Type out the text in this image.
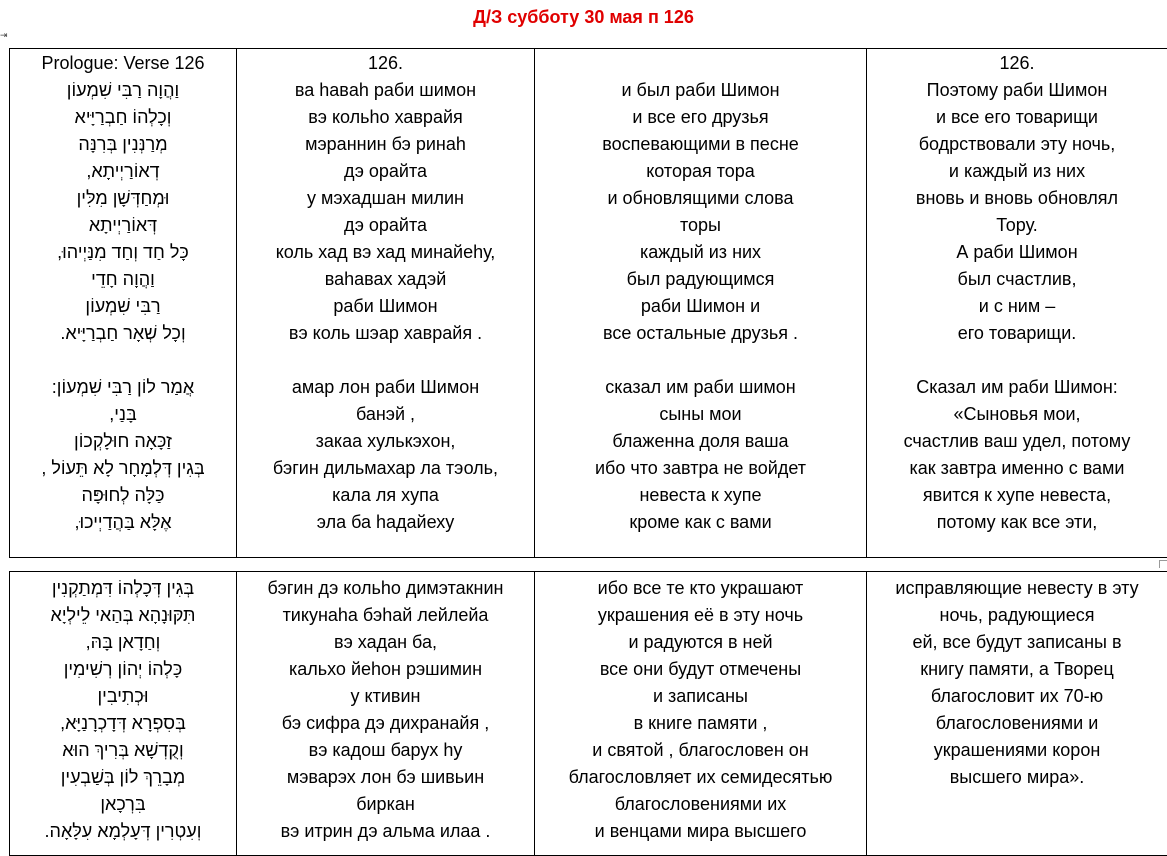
Д/З субботу 30 мая п 126
⇥
Prologue: Verse 126
וַהֲוָה רַבִּי שִׁמְעוֹן
וְכָלְהוֹ חַבְרַיָּיא
מְרַנְּנִין בְּרִנָּה
דְאוֹרַיְיתָא,
וּמְחַדְּשָׁן מִלִּין
דְּאוֹרַיְיתָא
כָּל חַד וְחַד מִנַּיְיהוּ,
וַהֲוָה חָדֵי
רַבִּי שִׁמְעוֹן
וְכָל שְׁאָר חַבְרַיָּיא.
אֲמַר לוֹן רַבִּי שִׁמְעוֹן:
בָּנַי,
זַכָּאָה חוּלָקְכוֹן
בְּגִין דְּלְמָחָר לָא תֵּעוֹל ,
כַּלָּה לְחוּפָּה
אֶלָּא בַּהֲדַיְיכוּ,

126.
ва hавah раби шимон
вэ кольhо хаврайя
мэраннин бэ ринаh
дэ орайта
у мэхадшан милин
дэ орайта
коль хад вэ хад минайеhу,
ваhавах хадэй
раби Шимон
вэ коль шэар хаврайя .
амар лон раби Шимон
банэй ,
закаа хулькэхон,
бэгин дильмахар ла тэоль,
кала ля хупа
эла ба hадайеху

и был раби Шимон
и все его друзья
воспевающими в песне
которая тора
и обновлящими слова
торы
каждый из них
был радующимся
раби Шимон и
все остальные друзья .
сказал им раби шимон
сыны мои
блаженна доля ваша
ибо что завтра не войдет
невеста к хупе
кроме как с вами

126.
Поэтому раби Шимон
и все его товарищи
бодрствовали эту ночь,
и каждый из них
вновь и вновь обновлял
Тору.
А раби Шимон
был счастлив,
и с ним –
его товарищи.
Сказал им раби Шимон:
«Сыновья мои,
счастлив ваш удел, потому
как завтра именно с вами
явится к хупе невеста,
потому как все эти,
בְּגִין דְּכָלְהוֹ דִּמְתַקְנִין
תִּקּוּנָהָא בְּהַאי לֵילְיָא
וְחַדָאן בָּהּ,
כָּלְהוֹ יְהוֹן רְשִׁימִין
וּכְתִיבִין
בְּסִפְרָא דְּדָכְרָנַיָּא,
וְקֻדְשָׁא בְּרִיךְ הוּא
מְבָרֵךְ לוֹן בְּשַׁבְעִין
בִּרְכָאן
וְעִטְרִין דְּעָלְמָא עִלָּאָה.

бэгин дэ кольhо димэтакнин
тикунаhа бэhай лейлейа
вэ хадан ба,
кальхо йеhон рэшимин
у ктивин
бэ сифра дэ дихранайя ,
вэ кадош барух hу
мэварэх лон бэ шивьин
биркан
вэ итрин дэ альма илаа .

ибо все те кто украшают
украшения её в эту ночь
и радуются в ней
все они будут отмечены
и записаны
в книге памяти ,
и святой , благословен он
благословляет их семидесятью
благословениями их
и венцами мира высшего

исправляющие невесту в эту
ночь, радующиеся
ей, все будут записаны в
книгу памяти, а Творец
благословит их 70-ю
благословениями и
украшениями корон
высшего мира».
